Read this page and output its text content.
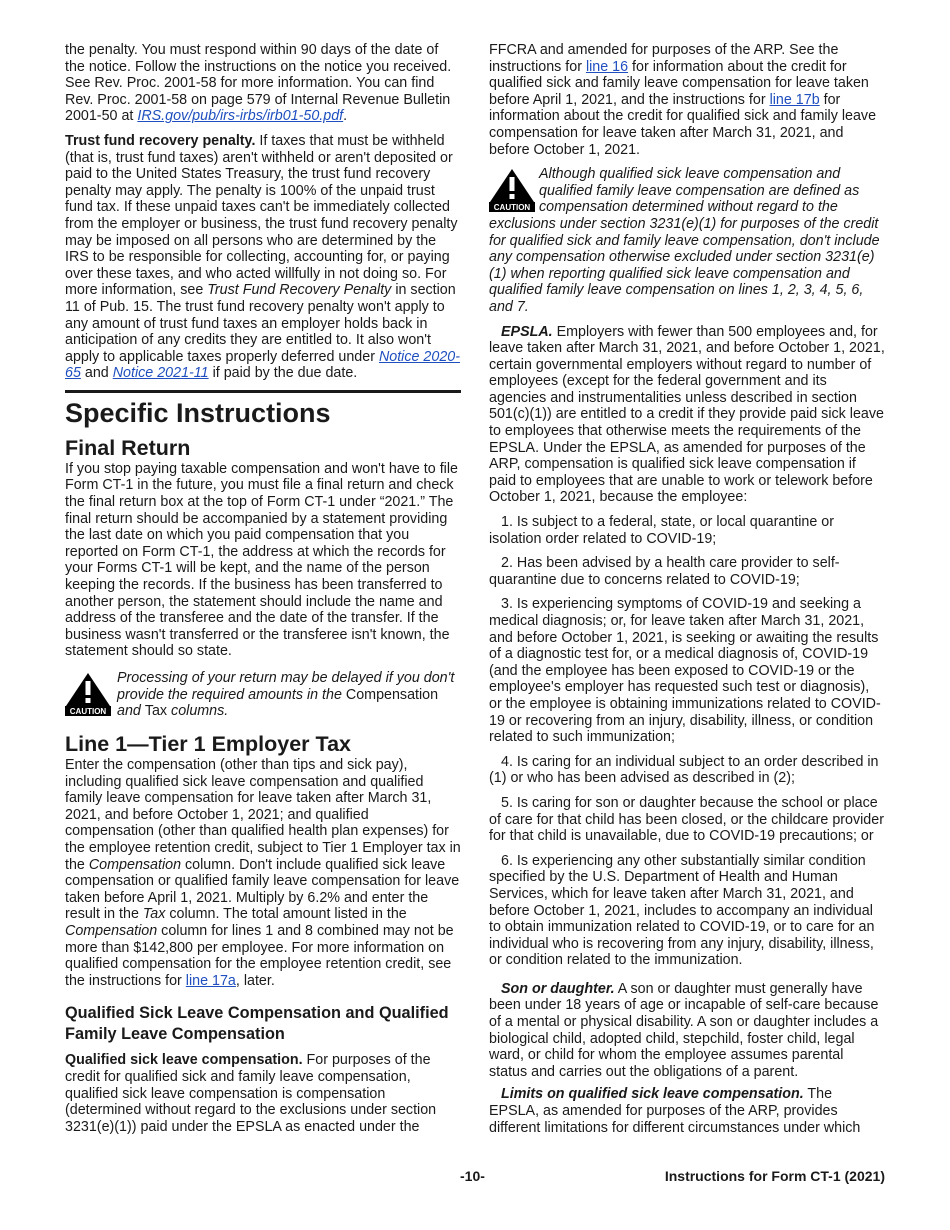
the penalty. You must respond within 90 days of the date of the notice. Follow the instructions on the notice you received. See Rev. Proc. 2001-58 for more information. You can find Rev. Proc. 2001-58 on page 579 of Internal Revenue Bulletin 2001-50 at IRS.gov/pub/irs-irbs/irb01-50.pdf.

Trust fund recovery penalty. If taxes that must be withheld (that is, trust fund taxes) aren't withheld or aren't deposited or paid to the United States Treasury, the trust fund recovery penalty may apply. The penalty is 100% of the unpaid trust fund tax. If these unpaid taxes can't be immediately collected from the employer or business, the trust fund recovery penalty may be imposed on all persons who are determined by the IRS to be responsible for collecting, accounting for, or paying over these taxes, and who acted willfully in not doing so. For more information, see Trust Fund Recovery Penalty in section 11 of Pub. 15. The trust fund recovery penalty won't apply to any amount of trust fund taxes an employer holds back in anticipation of any credits they are entitled to. It also won't apply to applicable taxes properly deferred under Notice 2020-65 and Notice 2021-11 if paid by the due date.

Specific Instructions
Final Return

If you stop paying taxable compensation and won't have to file Form CT-1 in the future, you must file a final return and check the final return box at the top of Form CT-1 under “2021.” The final return should be accompanied by a statement providing the last date on which you paid compensation that you reported on Form CT-1, the address at which the records for your Forms CT-1 will be kept, and the name of the person keeping the records. If the business has been transferred to another person, the statement should include the name and address of the transferee and the date of the transfer. If the business wasn't transferred or the transferee isn't known, the statement should so state.

CAUTION

Processing of your return may be delayed if you don't provide the required amounts in the Compensation and Tax columns.

Line 1—Tier 1 Employer Tax

Enter the compensation (other than tips and sick pay), including qualified sick leave compensation and qualified family leave compensation for leave taken after March 31, 2021, and before October 1, 2021; and qualified compensation (other than qualified health plan expenses) for the employee retention credit, subject to Tier 1 Employer tax in the Compensation column. Don't include qualified sick leave compensation or qualified family leave compensation for leave taken before April 1, 2021. Multiply by 6.2% and enter the result in the Tax column. The total amount listed in the Compensation column for lines 1 and 8 combined may not be more than $142,800 per employee. For more information on qualified compensation for the employee retention credit, see the instructions for line 17a, later.

Qualified Sick Leave Compensation and Qualified Family Leave Compensation

Qualified sick leave compensation. For purposes of the credit for qualified sick and family leave compensation, qualified sick leave compensation is compensation (determined without regard to the exclusions under section 3231(e)(1)) paid under the EPSLA as enacted under the

FFCRA and amended for purposes of the ARP. See the instructions for line 16 for information about the credit for qualified sick and family leave compensation for leave taken before April 1, 2021, and the instructions for line 17b for information about the credit for qualified sick and family leave compensation for leave taken after March 31, 2021, and before October 1, 2021.

CAUTION

Although qualified sick leave compensation and qualified family leave compensation are defined as compensation determined without regard to the exclusions under section 3231(e)(1) for purposes of the credit for qualified sick and family leave compensation, don't include any compensation otherwise excluded under section 3231(e)(1) when reporting qualified sick leave compensation and qualified family leave compensation on lines 1, 2, 3, 4, 5, 6, and 7.

EPSLA. Employers with fewer than 500 employees and, for leave taken after March 31, 2021, and before October 1, 2021, certain governmental employers without regard to number of employees (except for the federal government and its agencies and instrumentalities unless described in section 501(c)(1)) are entitled to a credit if they provide paid sick leave to employees that otherwise meets the requirements of the EPSLA. Under the EPSLA, as amended for purposes of the ARP, compensation is qualified sick leave compensation if paid to employees that are unable to work or telework before October 1, 2021, because the employee:

1. Is subject to a federal, state, or local quarantine or isolation order related to COVID-19;

2. Has been advised by a health care provider to self-quarantine due to concerns related to COVID-19;

3. Is experiencing symptoms of COVID-19 and seeking a medical diagnosis; or, for leave taken after March 31, 2021, and before October 1, 2021, is seeking or awaiting the results of a diagnostic test for, or a medical diagnosis of, COVID-19 (and the employee has been exposed to COVID-19 or the employee's employer has requested such test or diagnosis), or the employee is obtaining immunizations related to COVID-19 or recovering from an injury, disability, illness, or condition related to such immunization;

4. Is caring for an individual subject to an order described in (1) or who has been advised as described in (2);

5. Is caring for son or daughter because the school or place of care for that child has been closed, or the childcare provider for that child is unavailable, due to COVID-19 precautions; or

6. Is experiencing any other substantially similar condition specified by the U.S. Department of Health and Human Services, which for leave taken after March 31, 2021, and before October 1, 2021, includes to accompany an individual to obtain immunization related to COVID-19, or to care for an individual who is recovering from any injury, disability, illness, or condition related to the immunization.

Son or daughter. A son or daughter must generally have been under 18 years of age or incapable of self-care because of a mental or physical disability. A son or daughter includes a biological child, adopted child, stepchild, foster child, legal ward, or child for whom the employee assumes parental status and carries out the obligations of a parent.

Limits on qualified sick leave compensation. The EPSLA, as amended for purposes of the ARP, provides different limitations for different circumstances under which

-10-	Instructions for Form CT-1 (2021)
